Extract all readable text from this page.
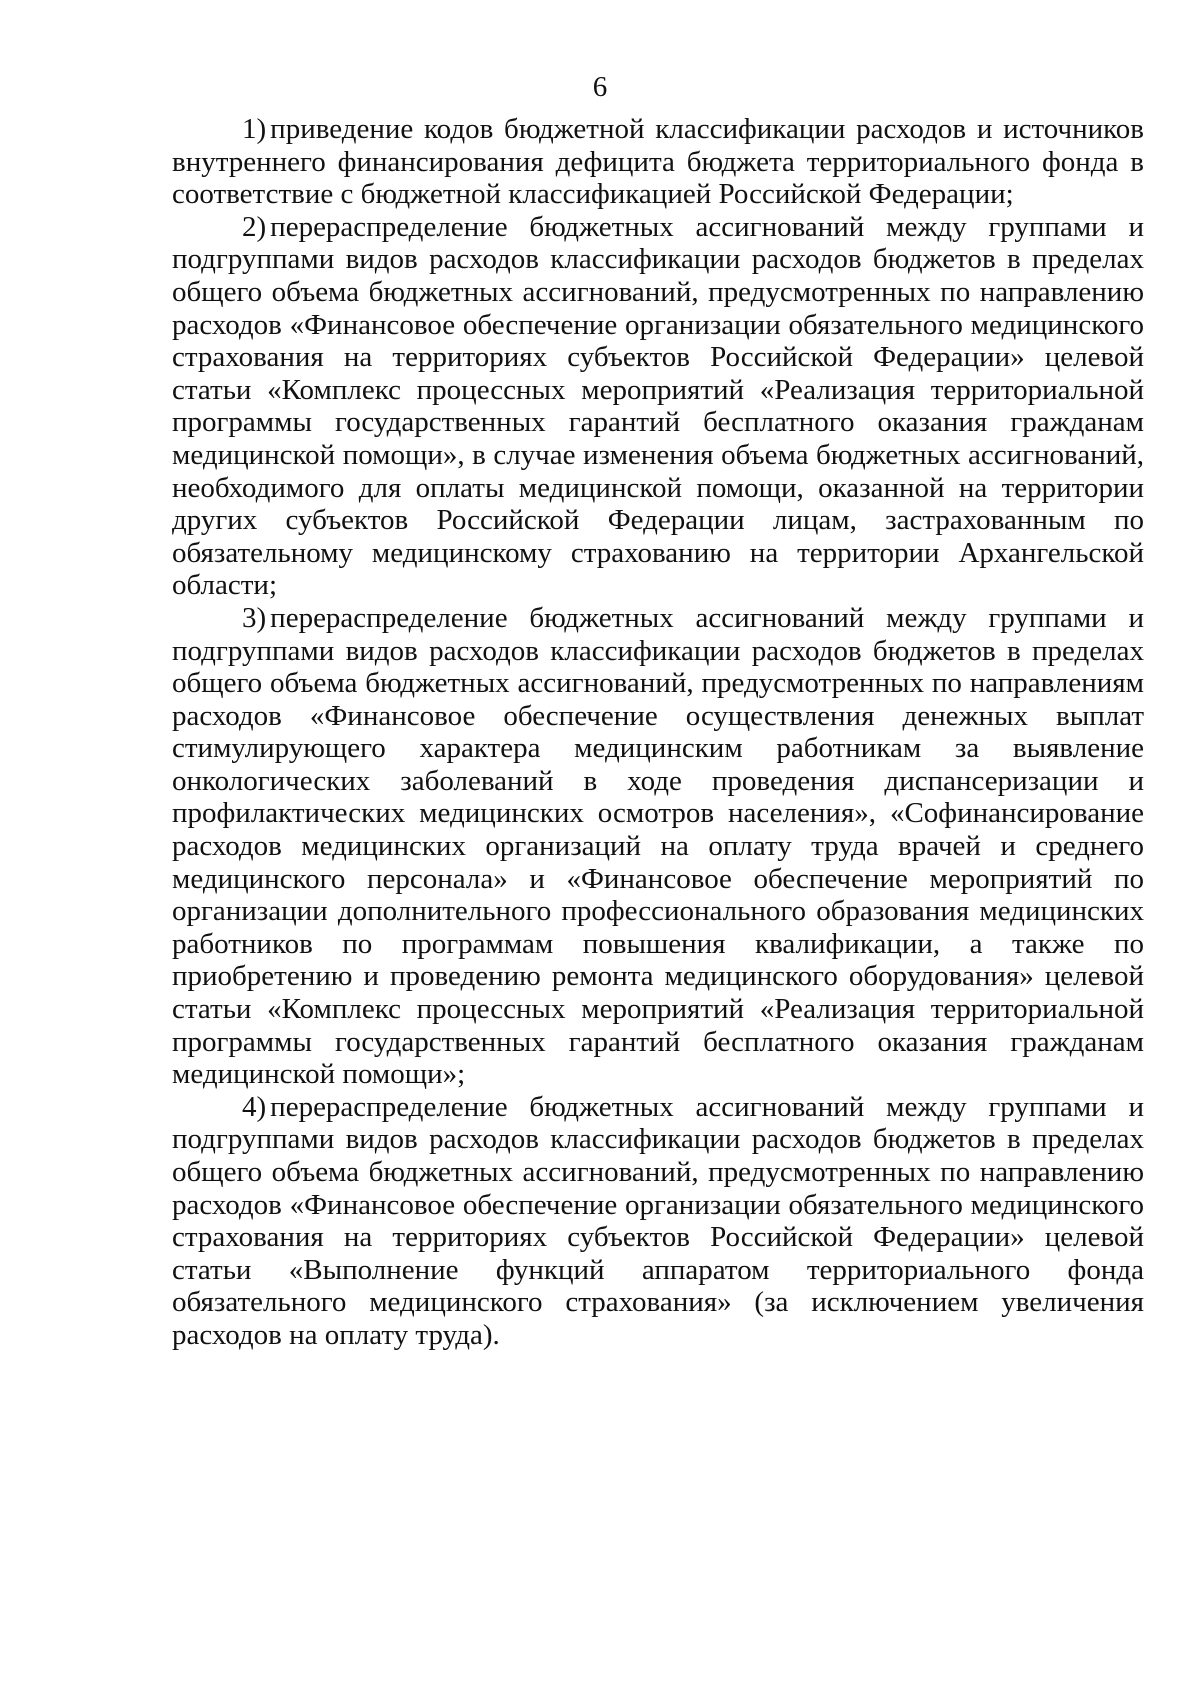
6

1) приведение кодов бюджетной классификации расходов и источников внутреннего финансирования дефицита бюджета территориального фонда в соответствие с бюджетной классификацией Российской Федерации;

2) перераспределение бюджетных ассигнований между группами и подгруппами видов расходов классификации расходов бюджетов в пределах общего объема бюджетных ассигнований, предусмотренных по направлению расходов «Финансовое обеспечение организации обязательного медицинского страхования на территориях субъектов Российской Федерации» целевой статьи «Комплекс процессных мероприятий «Реализация территориальной программы государственных гарантий бесплатного оказания гражданам медицинской помощи», в случае изменения объема бюджетных ассигнований, необходимого для оплаты медицинской помощи, оказанной на территории других субъектов Российской Федерации лицам, застрахованным по обязательному медицинскому страхованию на территории Архангельской области;

3) перераспределение бюджетных ассигнований между группами и подгруппами видов расходов классификации расходов бюджетов в пределах общего объема бюджетных ассигнований, предусмотренных по направлениям расходов «Финансовое обеспечение осуществления денежных выплат стимулирующего характера медицинским работникам за выявление онкологических заболеваний в ходе проведения диспансеризации и профилактических медицинских осмотров населения», «Софинансирование расходов медицинских организаций на оплату труда врачей и среднего медицинского персонала» и «Финансовое обеспечение мероприятий по организации дополнительного профессионального образования медицинских работников по программам повышения квалификации, а также по приобретению и проведению ремонта медицинского оборудования» целевой статьи «Комплекс процессных мероприятий «Реализация территориальной программы государственных гарантий бесплатного оказания гражданам медицинской помощи»;

4) перераспределение бюджетных ассигнований между группами и подгруппами видов расходов классификации расходов бюджетов в пределах общего объема бюджетных ассигнований, предусмотренных по направлению расходов «Финансовое обеспечение организации обязательного медицинского страхования на территориях субъектов Российской Федерации» целевой статьи «Выполнение функций аппаратом территориального фонда обязательного медицинского страхования» (за исключением увеличения расходов на оплату труда).
